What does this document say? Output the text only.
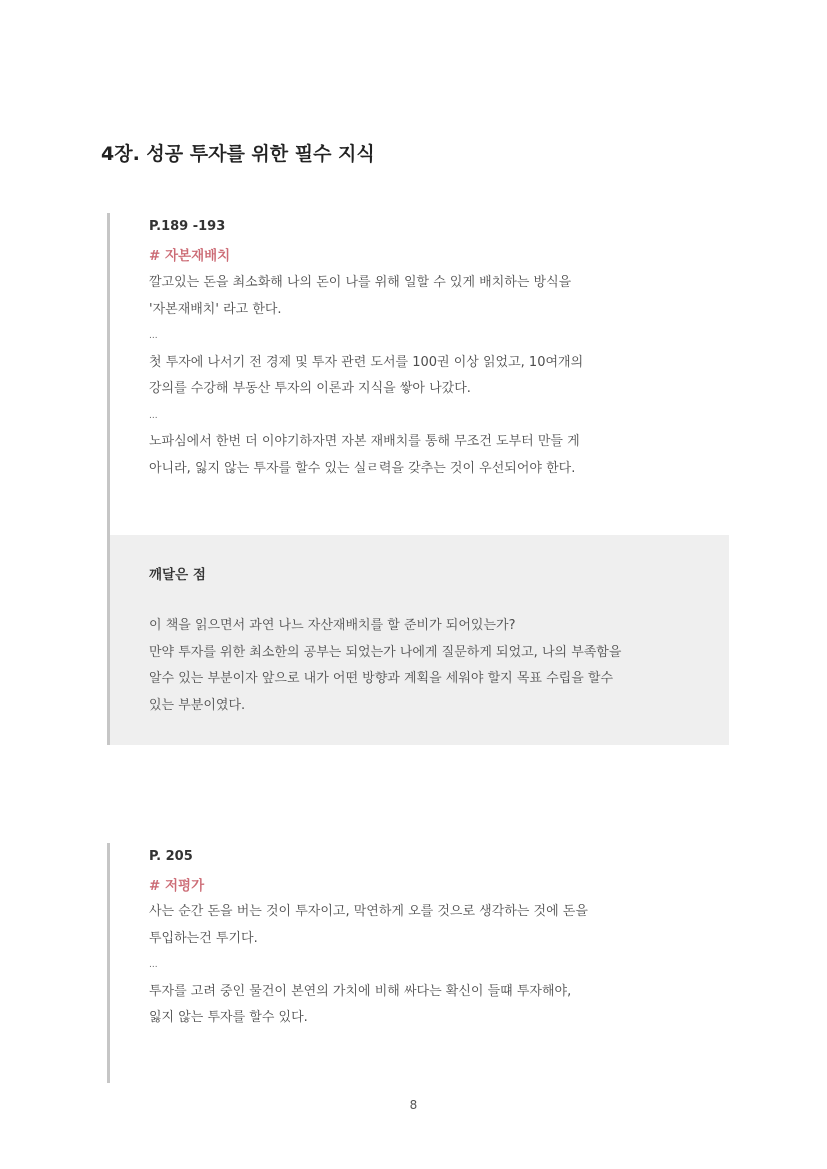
4장. 성공 투자를 위한 필수 지식
P.189 -193
# 자본재배치
깔고있는 돈을 최소화해 나의 돈이 나를 위해 일할 수 있게 배치하는 방식을
'자본재배치' 라고 한다.
...
첫 투자에 나서기 전 경제 및 투자 관련 도서를 100권 이상 읽었고, 10여개의
강의를 수강해 부동산 투자의 이론과 지식을 쌓아 나갔다.
...
노파심에서 한번 더 이야기하자면 자본 재배치를 통해 무조건 도부터 만들 게
아니라, 잃지 않는 투자를 할수 있는 실ㄹ력을 갖추는 것이 우선되어야 한다.
깨달은 점
이 책을 읽으면서 과연 나느 자산재배치를 할 준비가 되어있는가?
만약 투자를 위한 최소한의 공부는 되었는가 나에게 질문하게 되었고, 나의 부족함을
알수 있는 부분이자 앞으로 내가 어떤 방향과 계획을 세워야 할지 목표 수립을 할수
있는 부분이였다.
P. 205
# 저평가
사는 순간 돈을 버는 것이 투자이고, 막연하게 오를 것으로 생각하는 것에 돈을
투입하는건 투기다.
...
투자를 고려 중인 물건이 본연의 가치에 비해 싸다는 확신이 들떄 투자해야,
잃지 않는 투자를 할수 있다.
8
